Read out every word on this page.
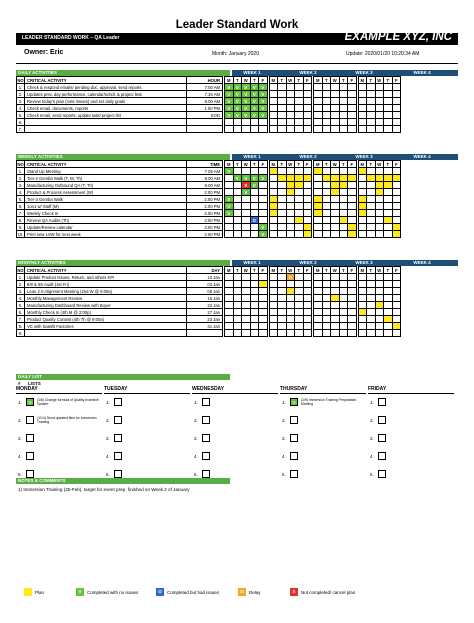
Leader Standard Work
LEADER STANDARD WORK – QA Leader	EXAMPLE XYZ, INC
Owner: Eric	Month: January 2020	Update: 2020/01/20 10:20:34 AM
DAILY ACTIVITIES	WEEK 1	WEEK 2	WEEK 3	WEEK 4
NO	CRITICAL ACTIVITY	HOUR		M	T	W	T	F		M	T	W	T	F		M	T	W	T	F		M	T	W	T	F
1.	Check & respond emails/ pending doc. approval, send reports	7.00 AM		V	V	V	V	V																		
2.	Updates prev. day performance, calendar/schdl. & project lists	7.30 AM		V	V	V	V	V																		
3.	Review today's plan (note issues) and set daily goals	8.00 AM		V	V	V	V	V																		
4.	Check email, documents, reports	1.00 PM		V	V	V	V	V																		
5.	Check email, send reports, update task/ project list	EOD		V	V	V	V	V																		
6.																										
7.																										
WEEKLY ACTIVITIES	WEEK 1	WEEK 2	WEEK 3	WEEK 4
NO	CRITICAL ACTIVITY	TIME		M	T	W	T	F		M	T	W	T	F		M	T	W	T	F		M	T	W	T	F
1.	Stand Up Meeting	7.05 AM		V																						
2.	Tier-2 Gemba Walk (T, W, Th)	8.00 AM			V	V	V	V																		
3.	Manufacturing Outbound QA (T, Th)	9.00 AM				X	V																			
4.	Product & Process Assessment (W)	2.00 PM				V																				
5.	Tier-3 Gemba Walk	2.00 PM		V																						
6.	1on1 w/ Staff (M)	2.00 PM		V																						
7.	Weekly Check In	2.00 PM		V																						
8.	Review QA Audits (Th)	3.00 PM					O																			
9.	Update/Review calendar	3.00 PM						V																		
10.	Print new LSW for next week	3.00 PM						V																		
MONTHLY ACTIVITIES	WEEK 1	WEEK 2	WEEK 3	WEEK 4
NO	CRITICAL ACTIVITY	DAY		M	T	W	T	F		M	T	W	T	F		M	T	W	T	F		M	T	W	T	F
1.	Update Product Issues, Return, and others KPI	10 Jan										D														
2.	8/8 & 6S Audit (1st Fri)	03 Jan																								
3.	Lean 2.0 Alignment Meeting (2nd W @ 9:00a)	08 Jan																								
4.	Monthly Management Review	15 Jan																								
5.	Manufacturing Dashboard Review with Buyer	22 Jan																								
6.	Monthly Check In (4th M @ 2:00p)	27 Jan																								
7.	Product Quality Contest (4th Th @ 9:00a)	23 Jan																								
8.	VC with Satellit Factories	31 Jan																								
9.																										
DAILY LIST
# LISTS
MONDAY
1.	V	(1/6) Change formula of Quality Incentive System
2.	(1/14) Send updated files for Immersion Training
3.
4.
5.
TUESDAY
1.
2.
3.
4.
5.
WEDNESDAY
1.
2.
3.
4.
5.
THURSDAY
1.	V	(1/9) Immersion Training Preparation Meeting
2.
3.
4.
5.
FRIDAY
1.
2.
3.
4.
5.
NOTES & COMMENTS
1) Immersion Training (25-Feb), target for event prep. finished on Week 2 of January
Plan	V	Completed with no issues	O	Completed but had issues	D	Delay	X	Not completed/ cancel plan
